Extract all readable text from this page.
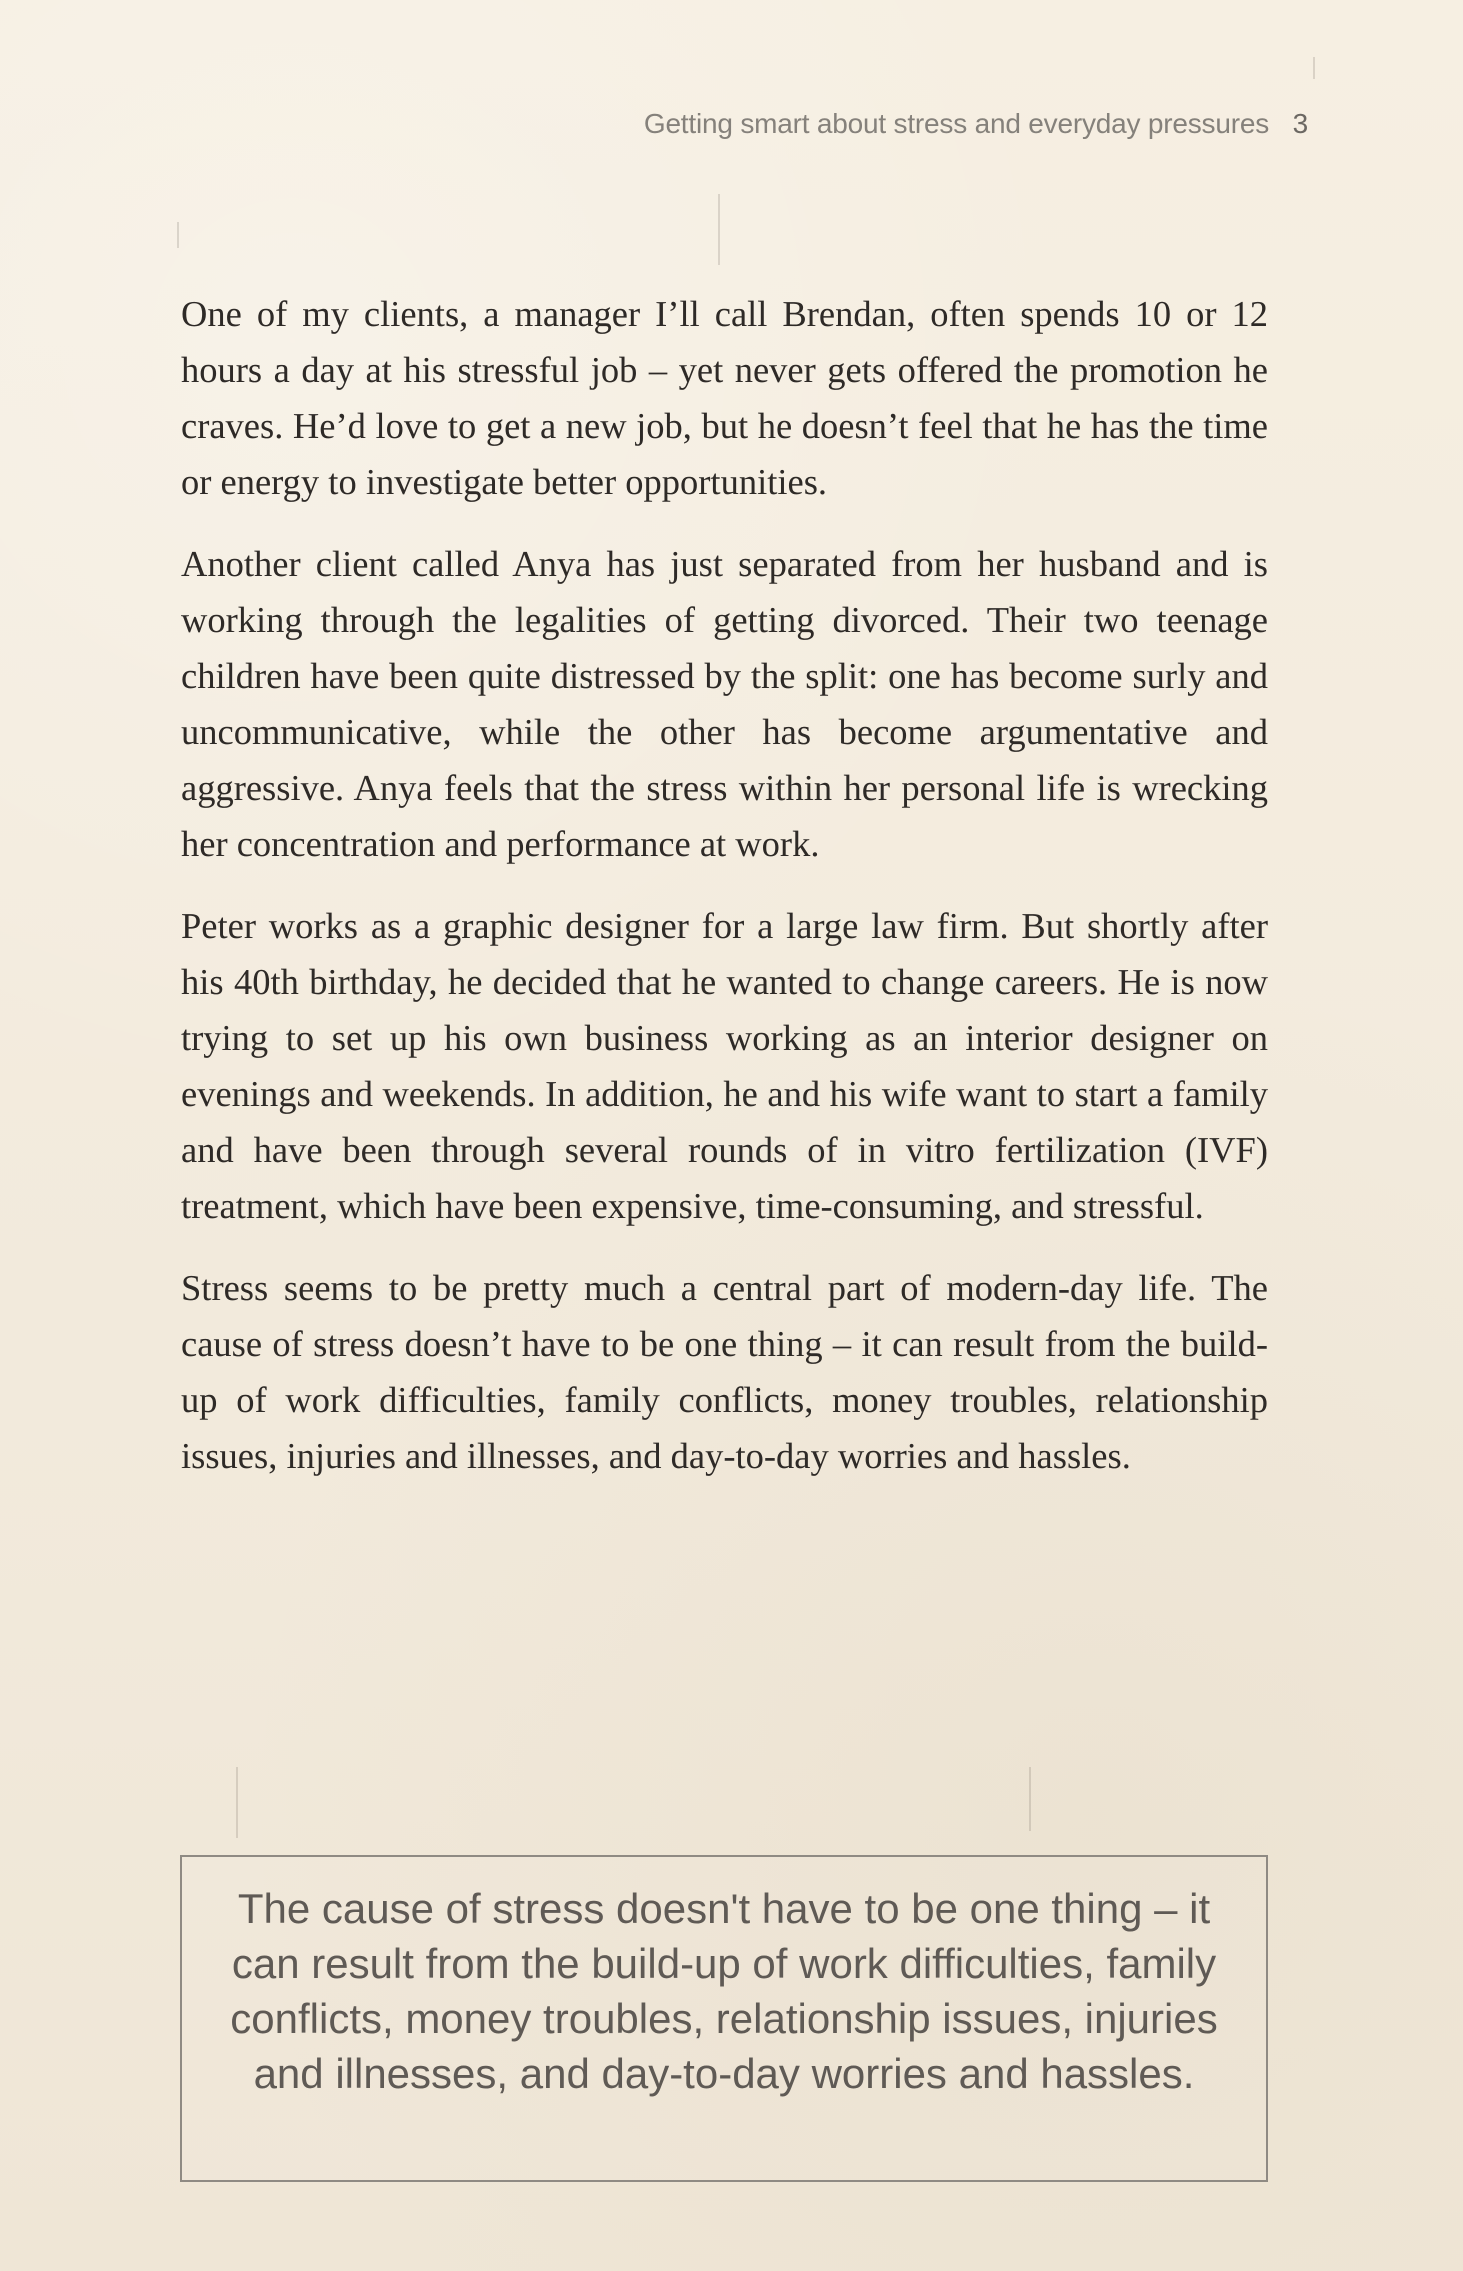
Getting smart about stress and everyday pressures 3

One of my clients, a manager I’ll call Brendan, often spends 10 or 12 hours a day at his stressful job – yet never gets offered the promotion he craves. He’d love to get a new job, but he doesn’t feel that he has the time or energy to investigate better opportunities.

Another client called Anya has just separated from her husband and is working through the legalities of getting divorced. Their two teenage children have been quite distressed by the split: one has become surly and uncommunicative, while the other has become argumentative and aggressive. Anya feels that the stress within her personal life is wrecking her concentration and performance at work.

Peter works as a graphic designer for a large law firm. But shortly after his 40th birthday, he decided that he wanted to change careers. He is now trying to set up his own business working as an interior designer on evenings and weekends. In addition, he and his wife want to start a family and have been through several rounds of in vitro fertilization (IVF) treatment, which have been expensive, time-consuming, and stressful.

Stress seems to be pretty much a central part of modern-day life. The cause of stress doesn’t have to be one thing – it can result from the build-up of work difficulties, family conflicts, money troubles, relationship issues, injuries and illnesses, and day-to-day worries and hassles.

The cause of stress doesn't have to be one thing – it can result from the build-up of work difficulties, family conflicts, money troubles, relationship issues, injuries and illnesses, and day-to-day worries and hassles.
